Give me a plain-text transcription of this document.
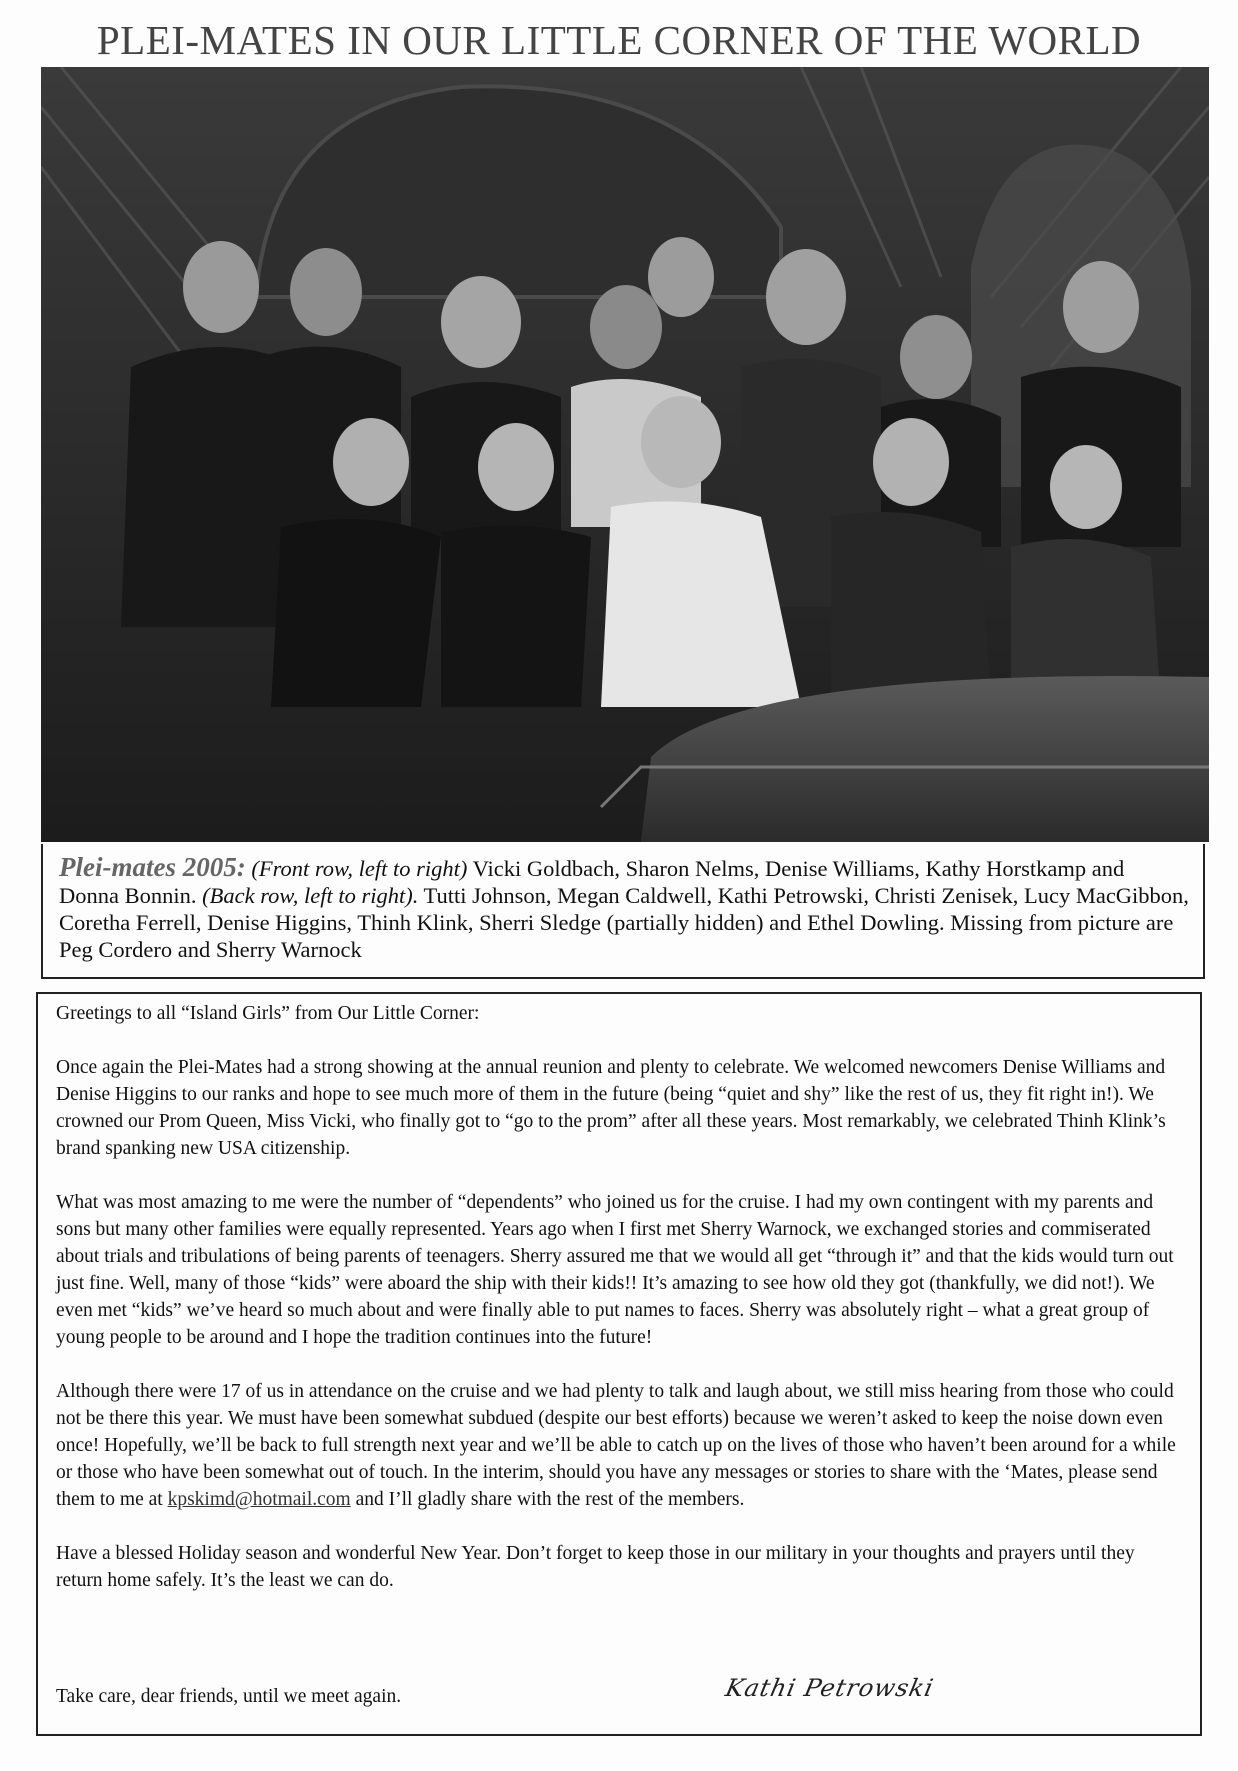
PLEI-MATES IN OUR LITTLE CORNER OF THE WORLD
Plei-mates 2005: (Front row, left to right) Vicki Goldbach, Sharon Nelms, Denise Williams, Kathy Horstkamp and Donna Bonnin. (Back row, left to right). Tutti Johnson, Megan Caldwell, Kathi Petrowski, Christi Zenisek, Lucy MacGibbon, Coretha Ferrell, Denise Higgins, Thinh Klink, Sherri Sledge (partially hidden) and Ethel Dowling. Missing from picture are Peg Cordero and Sherry Warnock

Greetings to all “Island Girls” from Our Little Corner:

Once again the Plei-Mates had a strong showing at the annual reunion and plenty to celebrate. We welcomed newcomers Denise Williams and Denise Higgins to our ranks and hope to see much more of them in the future (being “quiet and shy” like the rest of us, they fit right in!). We crowned our Prom Queen, Miss Vicki, who finally got to “go to the prom” after all these years. Most remarkably, we celebrated Thinh Klink’s brand spanking new USA citizenship.

What was most amazing to me were the number of “dependents” who joined us for the cruise. I had my own contingent with my parents and sons but many other families were equally represented. Years ago when I first met Sherry Warnock, we exchanged stories and commiserated about trials and tribulations of being parents of teenagers. Sherry assured me that we would all get “through it” and that the kids would turn out just fine. Well, many of those “kids” were aboard the ship with their kids!! It’s amazing to see how old they got (thankfully, we did not!). We even met “kids” we’ve heard so much about and were finally able to put names to faces. Sherry was absolutely right – what a great group of young people to be around and I hope the tradition continues into the future!

Although there were 17 of us in attendance on the cruise and we had plenty to talk and laugh about, we still miss hearing from those who could not be there this year. We must have been somewhat subdued (despite our best efforts) because we weren’t asked to keep the noise down even once! Hopefully, we’ll be back to full strength next year and we’ll be able to catch up on the lives of those who haven’t been around for a while or those who have been somewhat out of touch. In the interim, should you have any messages or stories to share with the ‘Mates, please send them to me at kpskimd@hotmail.com and I’ll gladly share with the rest of the members.

Have a blessed Holiday season and wonderful New Year. Don’t forget to keep those in our military in your thoughts and prayers until they return home safely. It’s the least we can do.

Take care, dear friends, until we meet again.	Kathi Petrowski
